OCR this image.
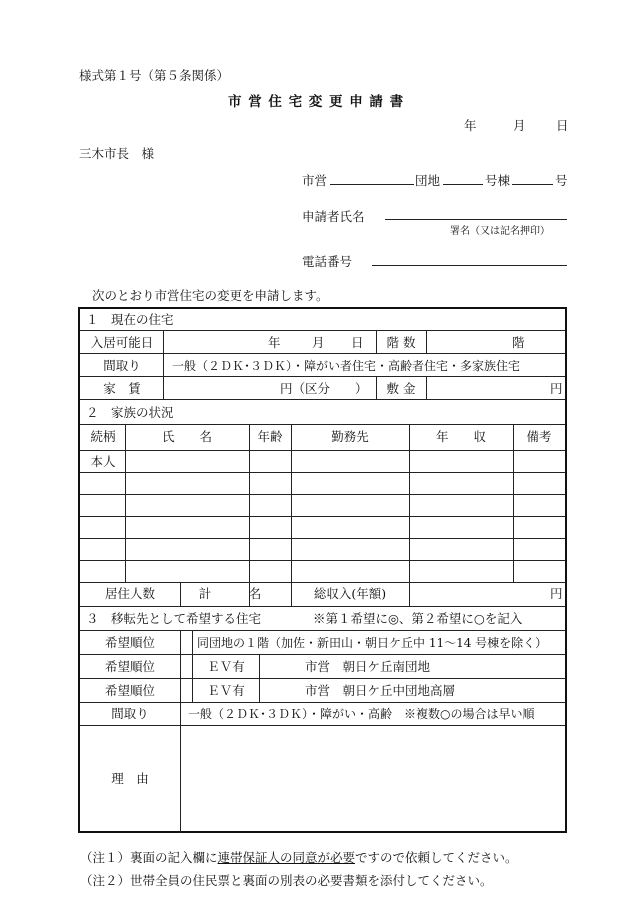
様式第１号（第５条関係）
市 営 住 宅 変 更 申 請 書
年	月 日
三木市長　様
市営	団地	号棟	号
申請者氏名
署名（又は記名押印）
電話番号
次のとおり市営住宅の変更を申請します。
１　現在の住宅
入居可能日	年	月 日 階 数	階
間取り	一般（２ＤＫ･３ＤＫ）・障がい者住宅・高齢者住宅・多家族住宅
家　賃	円（区分　　） 敷 金	円
２　家族の状況
続柄	氏　　名	年齢	勤務先	年　　収	備考
本人
居住人数	計　　　名	総収入(年額)	円
３　移転先として希望する住宅	※第１希望に◎、第２希望に○を記入
希望順位	同団地の１階（加佐・新田山・朝日ケ丘中 11～14 号棟を除く）
希望順位	ＥＶ有	市営　朝日ケ丘南団地
希望順位	ＥＶ有	市営　朝日ケ丘中団地高層
間取り	一般（２ＤＫ･３ＤＫ）・障がい・高齢　※複数○の場合は早い順
理　由
（注１）裏面の記入欄に連帯保証人の同意が必要ですので依頼してください。
（注２）世帯全員の住民票と裏面の別表の必要書類を添付してください。
